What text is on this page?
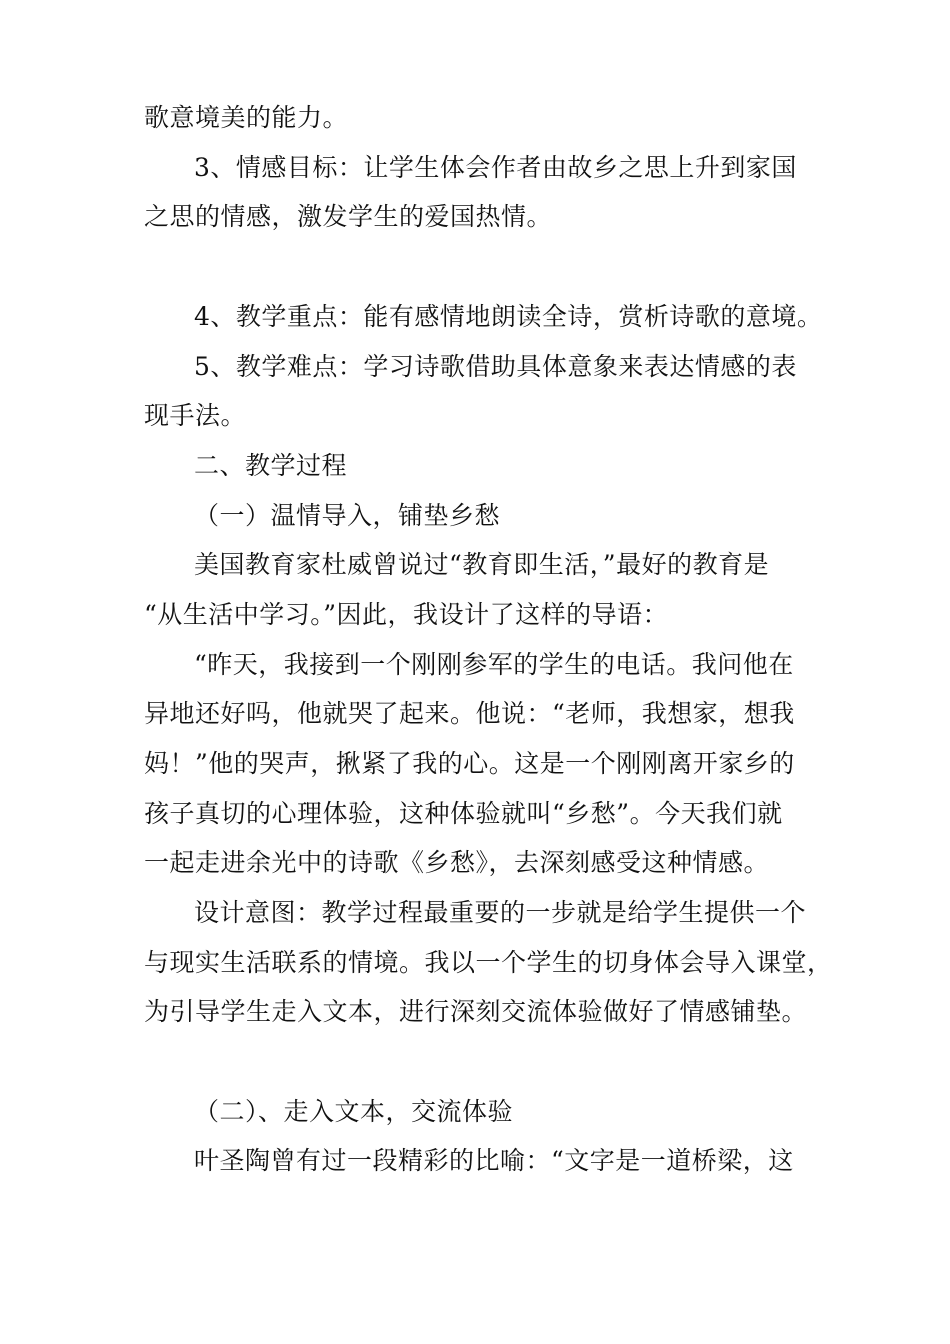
歌意境美的能力。
3、情感目标：让学生体会作者由故乡之思上升到家国
之思的情感，激发学生的爱国热情。
4、教学重点：能有感情地朗读全诗，赏析诗歌的意境。
5、教学难点：学习诗歌借助具体意象来表达情感的表
现手法。
二、教学过程
（一）温情导入，铺垫乡愁
美国教育家杜威曾说过“教育即生活，”最好的教育是
“从生活中学习。”因此，我设计了这样的导语：
“昨天，我接到一个刚刚参军的学生的电话。我问他在
异地还好吗，他就哭了起来。他说：“老师，我想家，想我
妈！”他的哭声，揪紧了我的心。这是一个刚刚离开家乡的
孩子真切的心理体验，这种体验就叫“乡愁”。今天我们就
一起走进余光中的诗歌《乡愁》，去深刻感受这种情感。
设计意图：教学过程最重要的一步就是给学生提供一个
与现实生活联系的情境。我以一个学生的切身体会导入课堂，
为引导学生走入文本，进行深刻交流体验做好了情感铺垫。
（二）、走入文本，交流体验
叶圣陶曾有过一段精彩的比喻：“文字是一道桥梁，这
